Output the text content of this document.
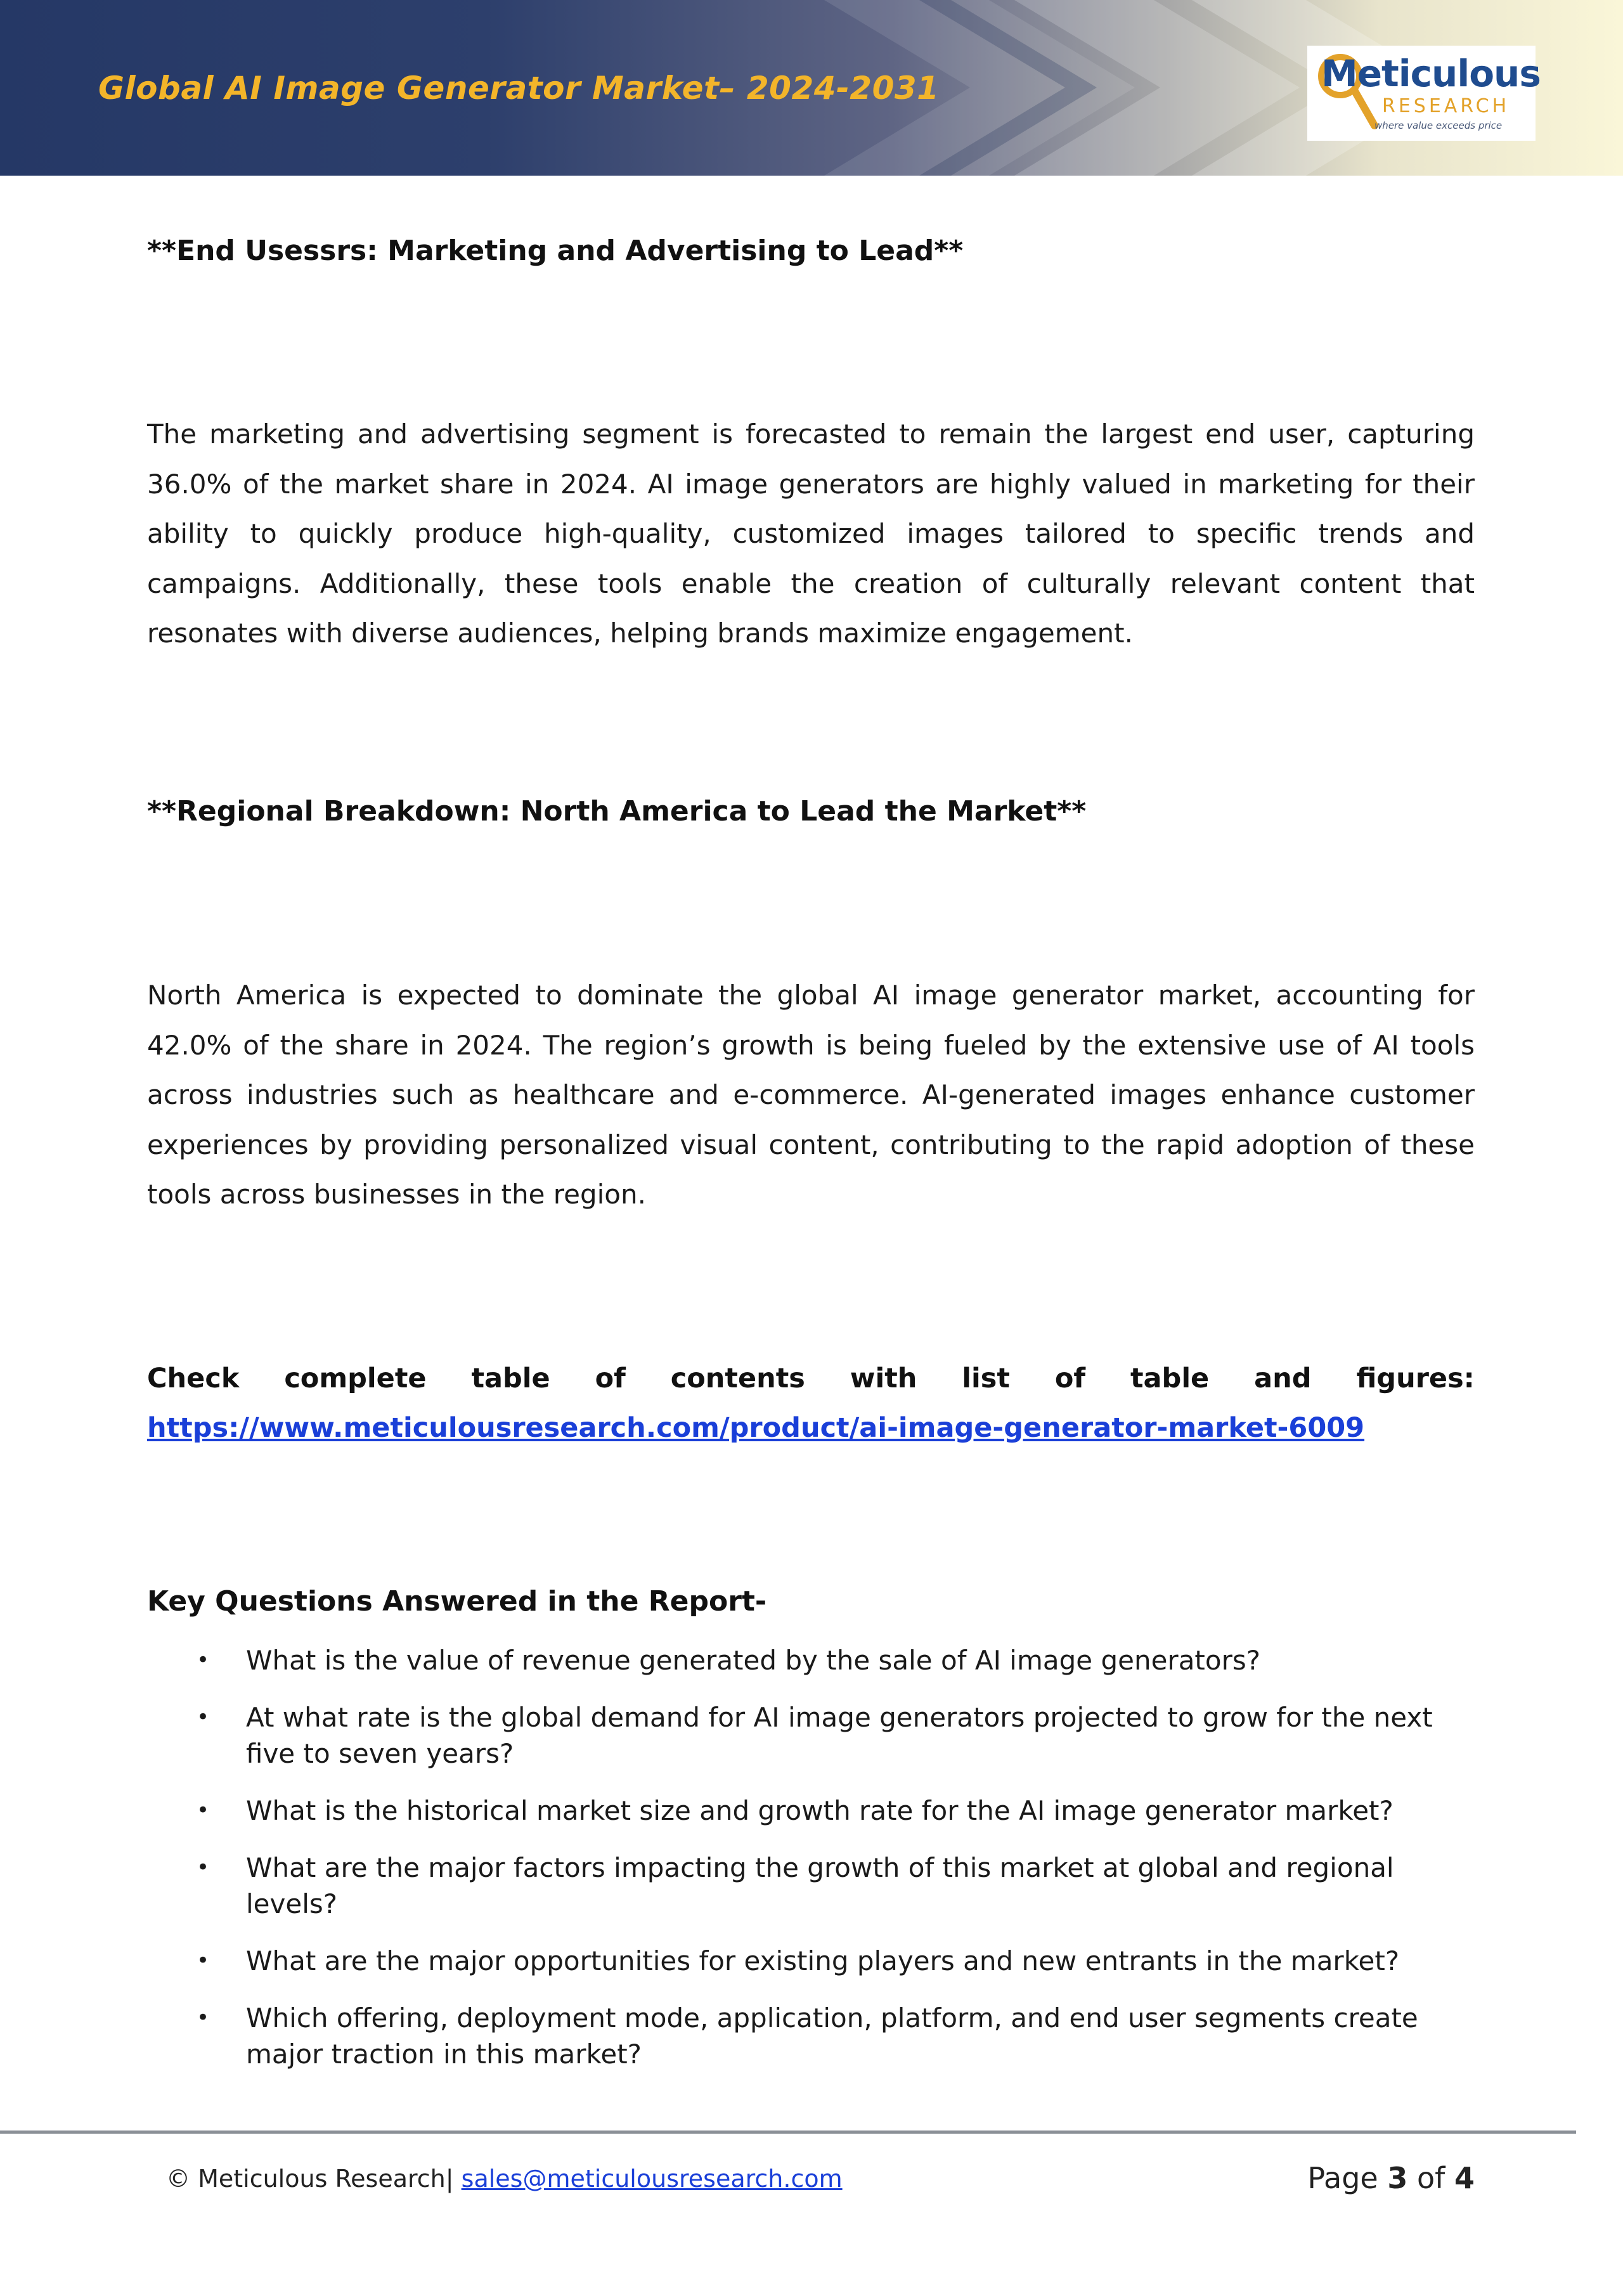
Global AI Image Generator Market– 2024-2031	Meticulous
RESEARCH
where value exceeds price
**End Usessrs: Marketing and Advertising to Lead**
The marketing and advertising segment is forecasted to remain the largest end user, capturing 36.0% of the market share in 2024. AI image generators are highly valued in marketing for their ability to quickly produce high-quality, customized images tailored to specific trends and campaigns. Additionally, these tools enable the creation of culturally relevant content that resonates with diverse audiences, helping brands maximize engagement.
**Regional Breakdown: North America to Lead the Market**
North America is expected to dominate the global AI image generator market, accounting for 42.0% of the share in 2024. The region’s growth is being fueled by the extensive use of AI tools across industries such as healthcare and e-commerce. AI-generated images enhance customer experiences by providing personalized visual content, contributing to the rapid adoption of these tools across businesses in the region.
Check complete table of contents with list of table and figures:
https://www.meticulousresearch.com/product/ai-image-generator-market-6009
Key Questions Answered in the Report-
• What is the value of revenue generated by the sale of AI image generators?
• At what rate is the global demand for AI image generators projected to grow for the next five to seven years?
• What is the historical market size and growth rate for the AI image generator market?
• What are the major factors impacting the growth of this market at global and regional levels?
• What are the major opportunities for existing players and new entrants in the market?
• Which offering, deployment mode, application, platform, and end user segments create major traction in this market?
© Meticulous Research| sales@meticulousresearch.com	Page 3 of 4
